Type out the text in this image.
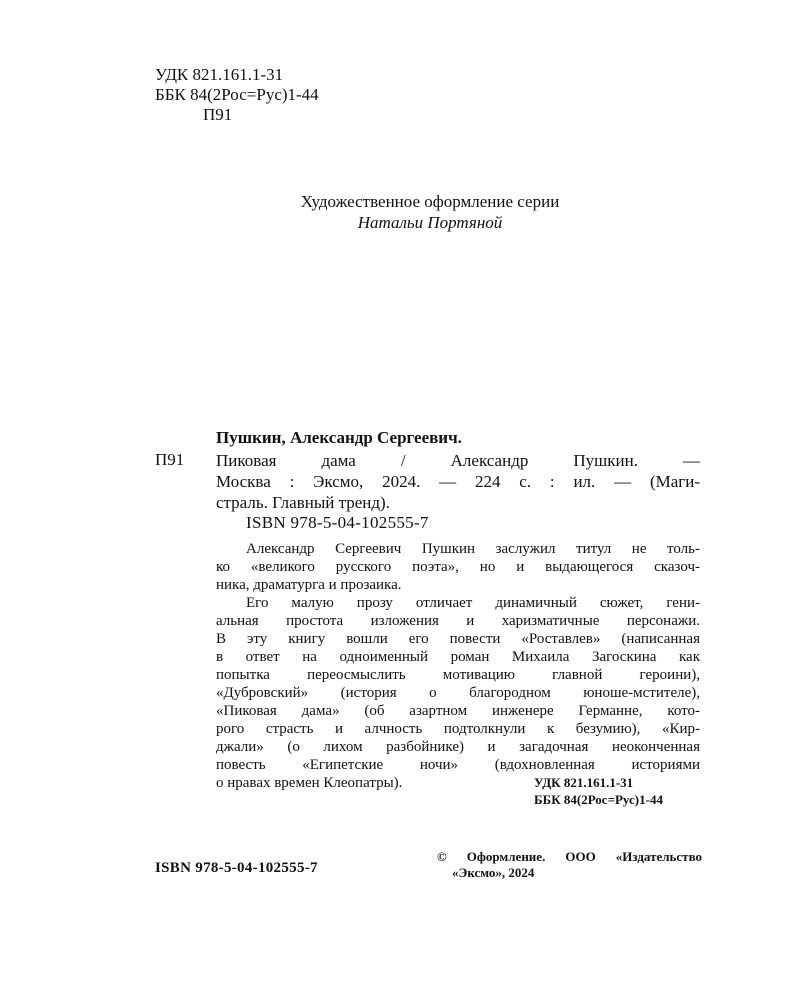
УДК 821.161.1-31
ББК 84(2Рос=Рус)1-44
П91
Художественное оформление серии
Натальи Портяной
Пушкин, Александр Сергеевич.
П91 Пиковая дама / Александр Пушкин. —
Москва : Эксмо, 2024. — 224 с. : ил. — (Маги-
страль. Главный тренд).
ISBN 978-5-04-102555-7
Александр Сергеевич Пушкин заслужил титул не толь-
ко «великого русского поэта», но и выдающегося сказоч-
ника, драматурга и прозаика.
Его малую прозу отличает динамичный сюжет, гени-
альная простота изложения и харизматичные персонажи.
В эту книгу вошли его повести «Роставлев» (написанная
в ответ на одноименный роман Михаила Загоскина как
попытка переосмыслить мотивацию главной героини),
«Дубровский» (история о благородном юноше-мстителе),
«Пиковая дама» (об азартном инженере Германне, кото-
рого страсть и алчность подтолкнули к безумию), «Кир-
джали» (о лихом разбойнике) и загадочная неоконченная
повесть «Египетские ночи» (вдохновленная историями
о нравах времен Клеопатры).	УДК 821.161.1-31
ББК 84(2Рос=Рус)1-44
ISBN 978-5-04-102555-7
© Оформление. ООО «Издательство
«Эксмо», 2024
